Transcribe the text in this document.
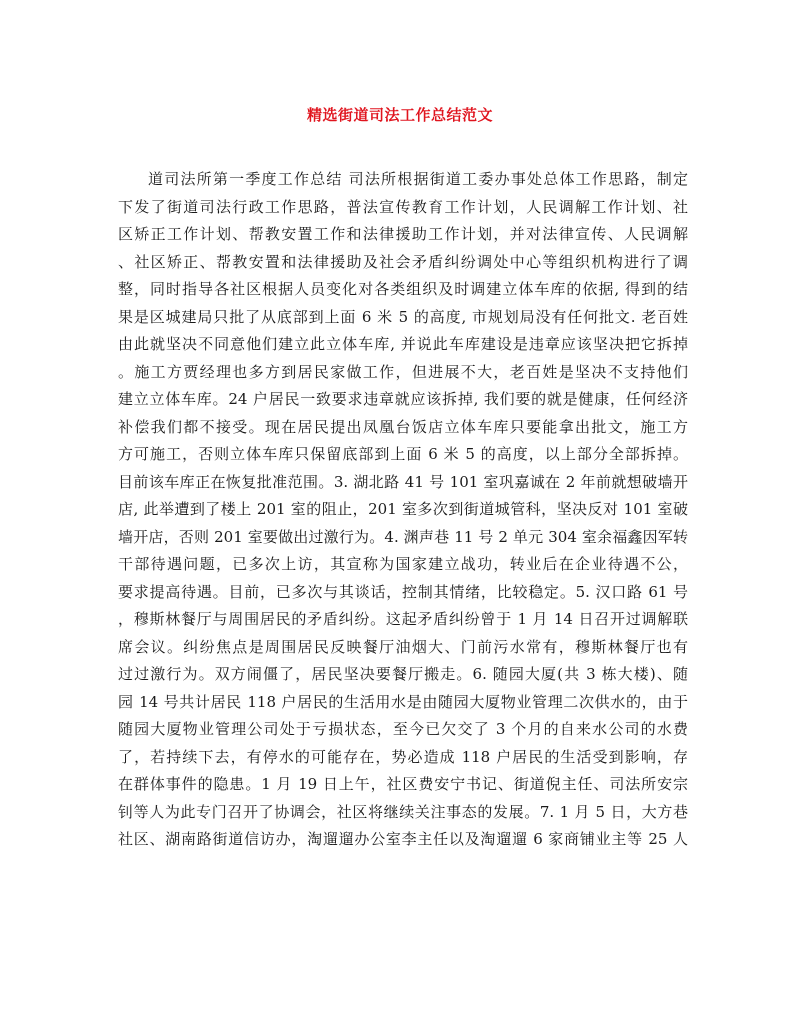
精选街道司法工作总结范文
道司法所第一季度工作总结 司法所根据街道工委办事处总体工作思路，制定
下发了街道司法行政工作思路，普法宣传教育工作计划，人民调解工作计划、社
区矫正工作计划、帮教安置工作和法律援助工作计划，并对法律宣传、人民调解
、社区矫正、帮教安置和法律援助及社会矛盾纠纷调处中心等组织机构进行了调
整，同时指导各社区根据人员变化对各类组织及时调建立体车库的依据, 得到的结
果是区城建局只批了从底部到上面 6 米 5 的高度, 市规划局没有任何批文. 老百姓
由此就坚决不同意他们建立此立体车库, 并说此车库建设是违章应该坚决把它拆掉
。施工方贾经理也多方到居民家做工作，但进展不大，老百姓是坚决不支持他们
建立立体车库。24 户居民一致要求违章就应该拆掉, 我们要的就是健康，任何经济
补偿我们都不接受。现在居民提出凤凰台饭店立体车库只要能拿出批文，施工方
方可施工，否则立体车库只保留底部到上面 6 米 5 的高度，以上部分全部拆掉。
目前该车库正在恢复批准范围。3. 湖北路 41 号 101 室巩嘉诚在 2 年前就想破墙开
店, 此举遭到了楼上 201 室的阻止，201 室多次到街道城管科，坚决反对 101 室破
墙开店，否则 201 室要做出过激行为。4. 渊声巷 11 号 2 单元 304 室余福鑫因军转
干部待遇问题，已多次上访，其宣称为国家建立战功，转业后在企业待遇不公，
要求提高待遇。目前，已多次与其谈话，控制其情绪，比较稳定。5. 汉口路 61 号
，穆斯林餐厅与周围居民的矛盾纠纷。这起矛盾纠纷曾于 1 月 14 日召开过调解联
席会议。纠纷焦点是周围居民反映餐厅油烟大、门前污水常有，穆斯林餐厅也有
过过激行为。双方闹僵了，居民坚决要餐厅搬走。6. 随园大厦(共 3 栋大楼)、随
园 14 号共计居民 118 户居民的生活用水是由随园大厦物业管理二次供水的，由于
随园大厦物业管理公司处于亏损状态，至今已欠交了 3 个月的自来水公司的水费
了，若持续下去，有停水的可能存在，势必造成 118 户居民的生活受到影响，存
在群体事件的隐患。1 月 19 日上午，社区费安宁书记、街道倪主任、司法所安宗
钊等人为此专门召开了协调会，社区将继续关注事态的发展。7. 1 月 5 日，大方巷
社区、湖南路街道信访办，淘遛遛办公室李主任以及淘遛遛 6 家商铺业主等 25 人
